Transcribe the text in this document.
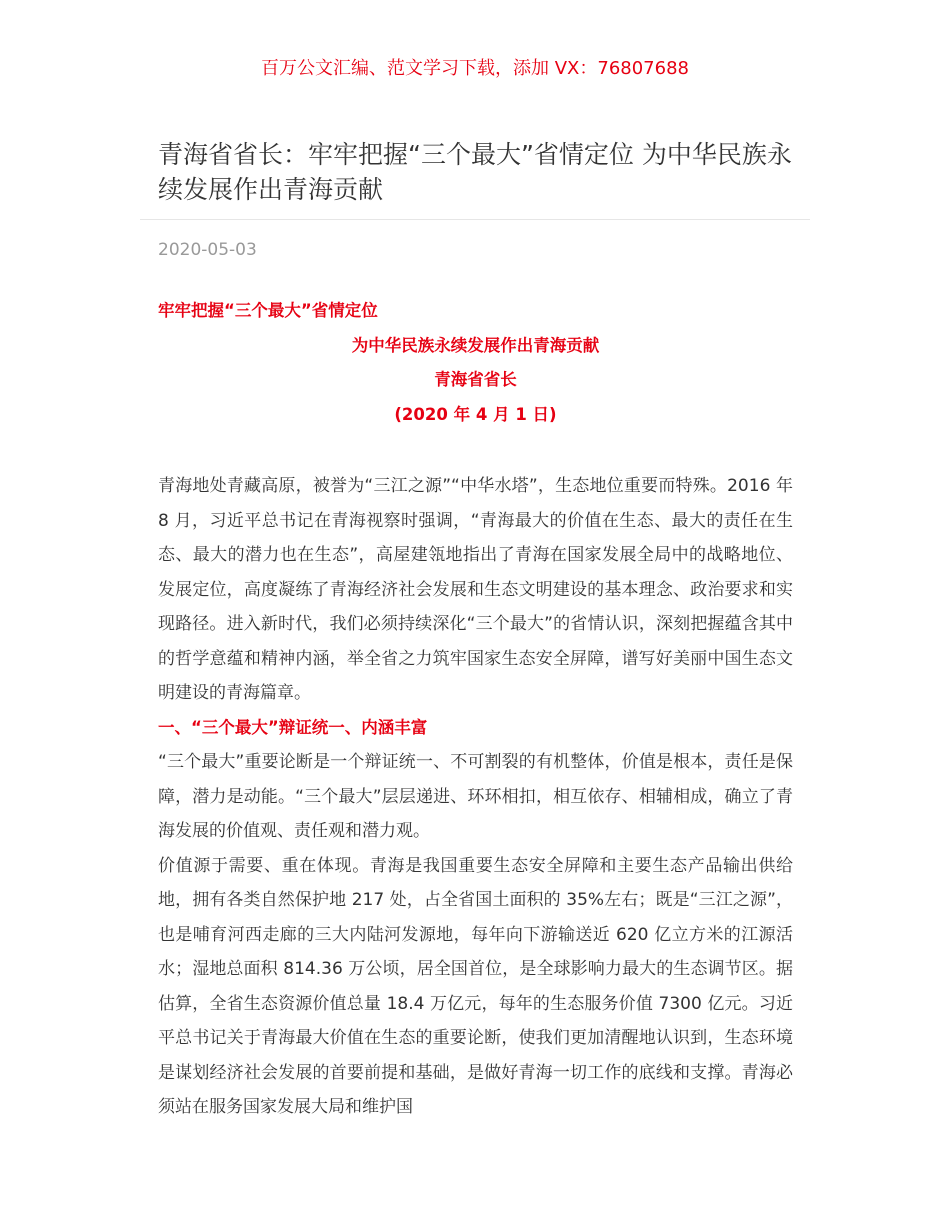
百万公文汇编、范文学习下载，添加 VX：76807688
青海省省长：牢牢把握“三个最大”省情定位 为中华民族永续发展作出青海贡献
2020-05-03
牢牢把握“三个最大”省情定位
为中华民族永续发展作出青海贡献
青海省省长
(2020 年 4 月 1 日)

青海地处青藏高原，被誉为“三江之源”“中华水塔”，生态地位重要而特殊。2016 年 8 月，习近平总书记在青海视察时强调，“青海最大的价值在生态、最大的责任在生态、最大的潜力也在生态”，高屋建瓴地指出了青海在国家发展全局中的战略地位、发展定位，高度凝练了青海经济社会发展和生态文明建设的基本理念、政治要求和实现路径。进入新时代，我们必须持续深化“三个最大”的省情认识，深刻把握蕴含其中的哲学意蕴和精神内涵，举全省之力筑牢国家生态安全屏障，谱写好美丽中国生态文明建设的青海篇章。

一、“三个最大”辩证统一、内涵丰富

“三个最大”重要论断是一个辩证统一、不可割裂的有机整体，价值是根本，责任是保障，潜力是动能。“三个最大”层层递进、环环相扣，相互依存、相辅相成，确立了青海发展的价值观、责任观和潜力观。

价值源于需要、重在体现。青海是我国重要生态安全屏障和主要生态产品输出供给地，拥有各类自然保护地 217 处，占全省国土面积的 35%左右；既是“三江之源”，也是哺育河西走廊的三大内陆河发源地，每年向下游输送近 620 亿立方米的江源活水；湿地总面积 814.36 万公顷，居全国首位，是全球影响力最大的生态调节区。据估算，全省生态资源价值总量 18.4 万亿元，每年的生态服务价值 7300 亿元。习近平总书记关于青海最大价值在生态的重要论断，使我们更加清醒地认识到，生态环境是谋划经济社会发展的首要前提和基础，是做好青海一切工作的底线和支撑。青海必须站在服务国家发展大局和维护国
